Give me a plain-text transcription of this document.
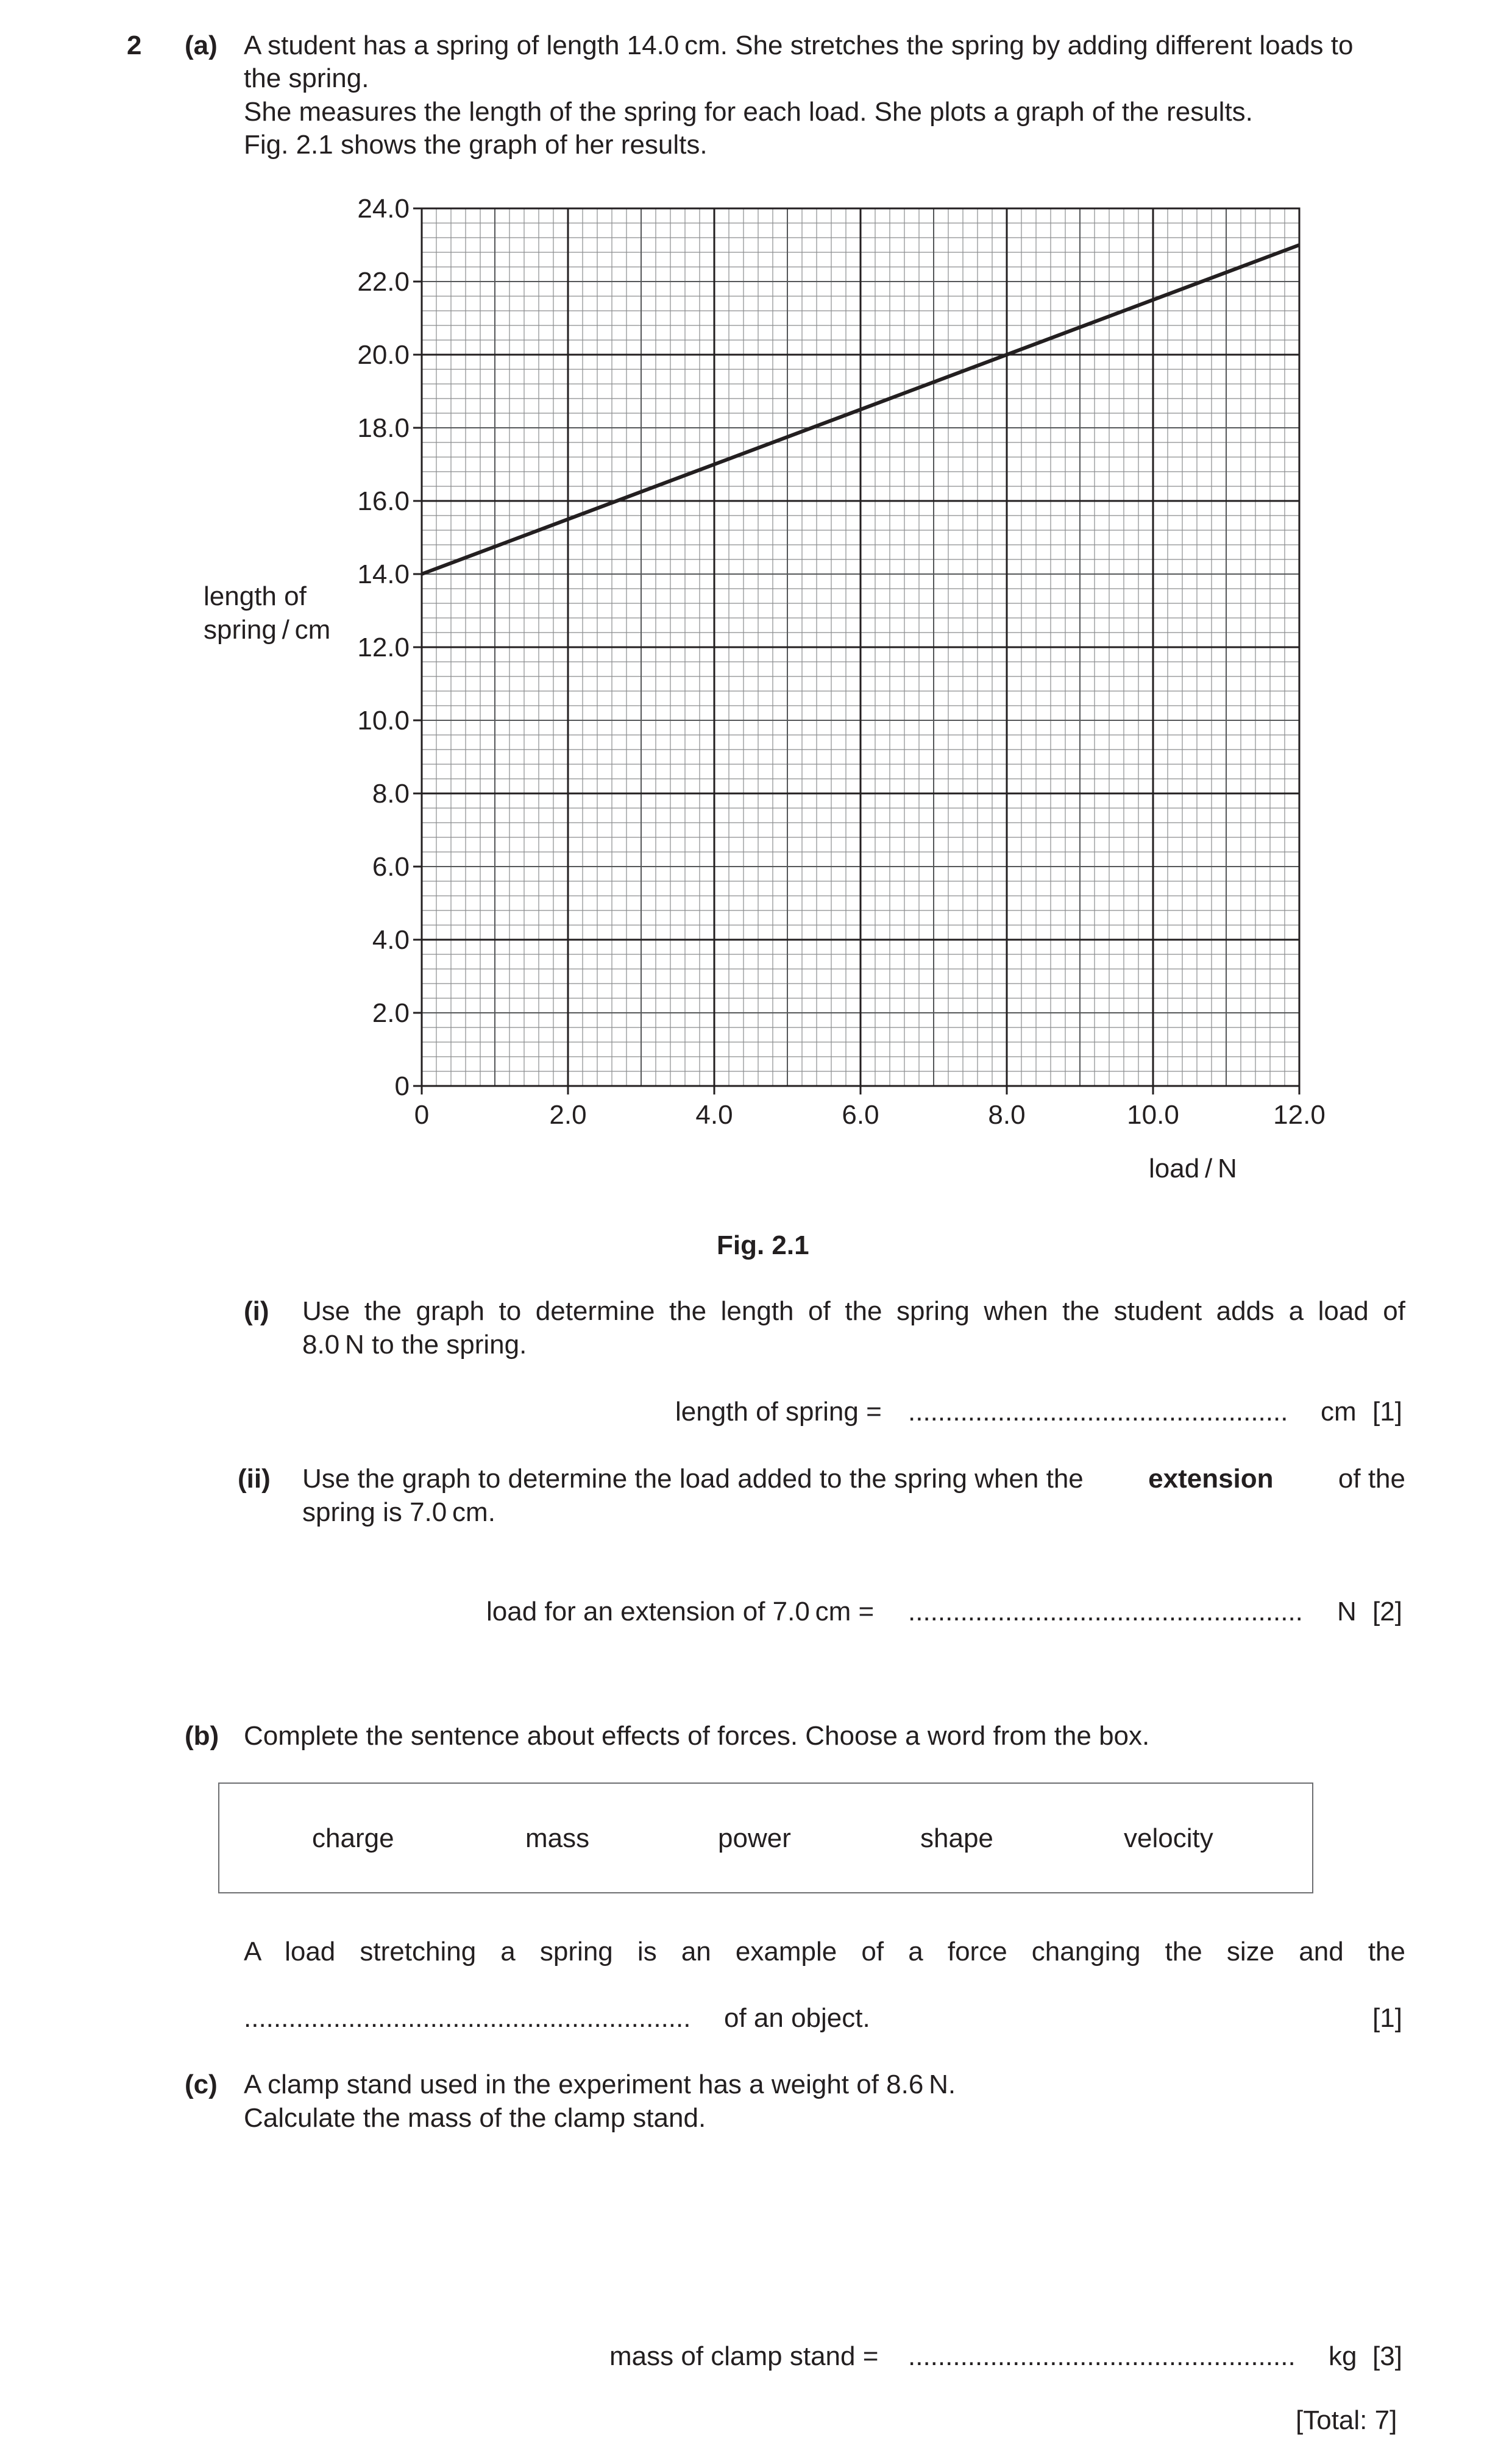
2 (a) A student has a spring of length 14.0 cm. She stretches the spring by adding different loads to
the spring.
She measures the length of the spring for each load. She plots a graph of the results.
Fig. 2.1 shows the graph of her results.
0	2.0	4.0	6.0	8.0	10.0	12.0
0
2.0
4.0
6.0
8.0
10.0
12.0
14.0
16.0
18.0
20.0
22.0
24.0
load / N
length of
spring / cm
Fig. 2.1
(i) Use the graph to determine the length of the spring when the student adds a load of
8.0 N to the spring.
length of spring = ................................................... cm [1]
(ii) Use the graph to determine the load added to the spring when the extension of the
spring is 7.0 cm.
load for an extension of 7.0 cm = ..................................................... N [2]
(b) Complete the sentence about effects of forces. Choose a word from the box.
charge	mass	power	shape	velocity
A load stretching a spring is an example of a force changing the size and the
............................................................ of an object.	[1]
(c) A clamp stand used in the experiment has a weight of 8.6 N.
Calculate the mass of the clamp stand.
mass of clamp stand = .................................................... kg [3]
[Total: 7]
